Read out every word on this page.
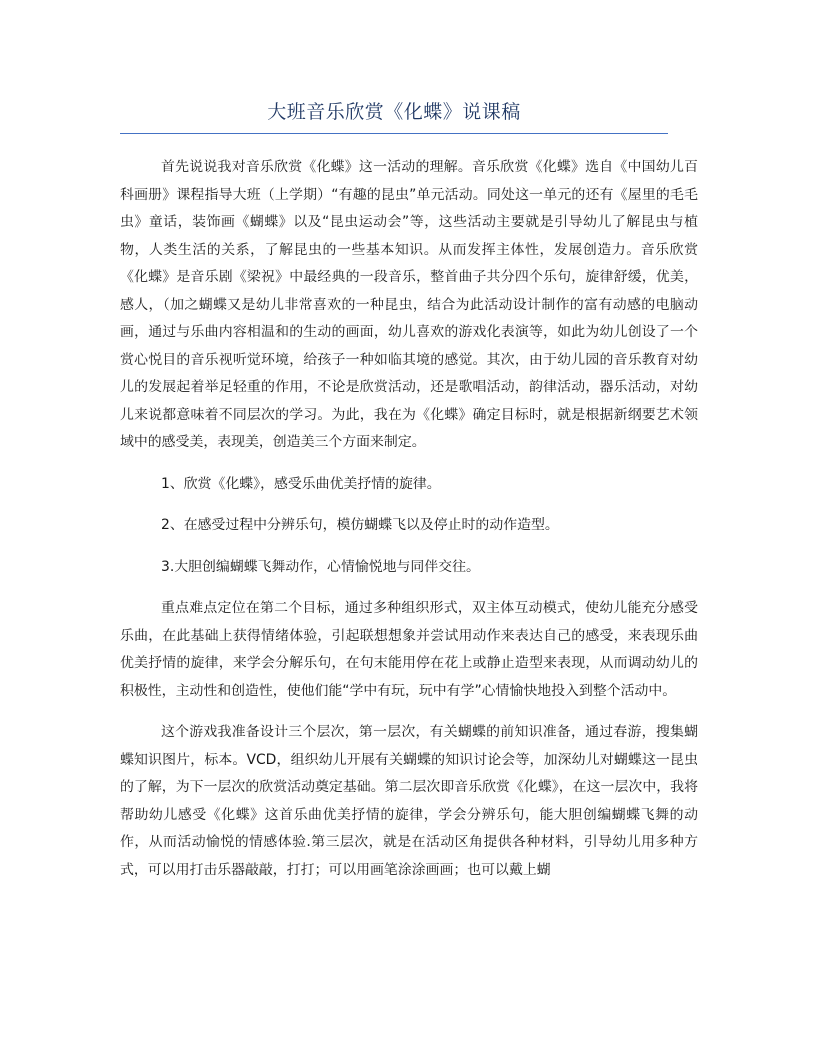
大班音乐欣赏《化蝶》说课稿

首先说说我对音乐欣赏《化蝶》这一活动的理解。音乐欣赏《化蝶》选自《中国幼儿百科画册》课程指导大班（上学期）“有趣的昆虫”单元活动。同处这一单元的还有《屋里的毛毛虫》童话，装饰画《蝴蝶》以及“昆虫运动会”等，这些活动主要就是引导幼儿了解昆虫与植物，人类生活的关系，了解昆虫的一些基本知识。从而发挥主体性，发展创造力。音乐欣赏《化蝶》是音乐剧《梁祝》中最经典的一段音乐，整首曲子共分四个乐句，旋律舒缓，优美，感人，（加之蝴蝶又是幼儿非常喜欢的一种昆虫，结合为此活动设计制作的富有动感的电脑动画，通过与乐曲内容相温和的生动的画面，幼儿喜欢的游戏化表演等，如此为幼儿创设了一个赏心悦目的音乐视听觉环境，给孩子一种如临其境的感觉。其次，由于幼儿园的音乐教育对幼儿的发展起着举足轻重的作用，不论是欣赏活动，还是歌唱活动，韵律活动，器乐活动，对幼儿来说都意味着不同层次的学习。为此，我在为《化蝶》确定目标时，就是根据新纲要艺术领域中的感受美，表现美，创造美三个方面来制定。

1、欣赏《化蝶》，感受乐曲优美抒情的旋律。

2、在感受过程中分辨乐句，模仿蝴蝶飞以及停止时的动作造型。

3.大胆创编蝴蝶飞舞动作，心情愉悦地与同伴交往。

重点难点定位在第二个目标，通过多种组织形式，双主体互动模式，使幼儿能充分感受乐曲，在此基础上获得情绪体验，引起联想想象并尝试用动作来表达自己的感受，来表现乐曲优美抒情的旋律，来学会分解乐句，在句末能用停在花上或静止造型来表现，从而调动幼儿的积极性，主动性和创造性，使他们能“学中有玩，玩中有学”心情愉快地投入到整个活动中。

这个游戏我准备设计三个层次，第一层次，有关蝴蝶的前知识准备，通过春游，搜集蝴蝶知识图片，标本。VCD，组织幼儿开展有关蝴蝶的知识讨论会等，加深幼儿对蝴蝶这一昆虫的了解，为下一层次的欣赏活动奠定基础。第二层次即音乐欣赏《化蝶》，在这一层次中，我将帮助幼儿感受《化蝶》这首乐曲优美抒情的旋律，学会分辨乐句，能大胆创编蝴蝶飞舞的动作，从而活动愉悦的情感体验.第三层次，就是在活动区角提供各种材料，引导幼儿用多种方式，可以用打击乐器敲敲，打打；可以用画笔涂涂画画；也可以戴上蝴
